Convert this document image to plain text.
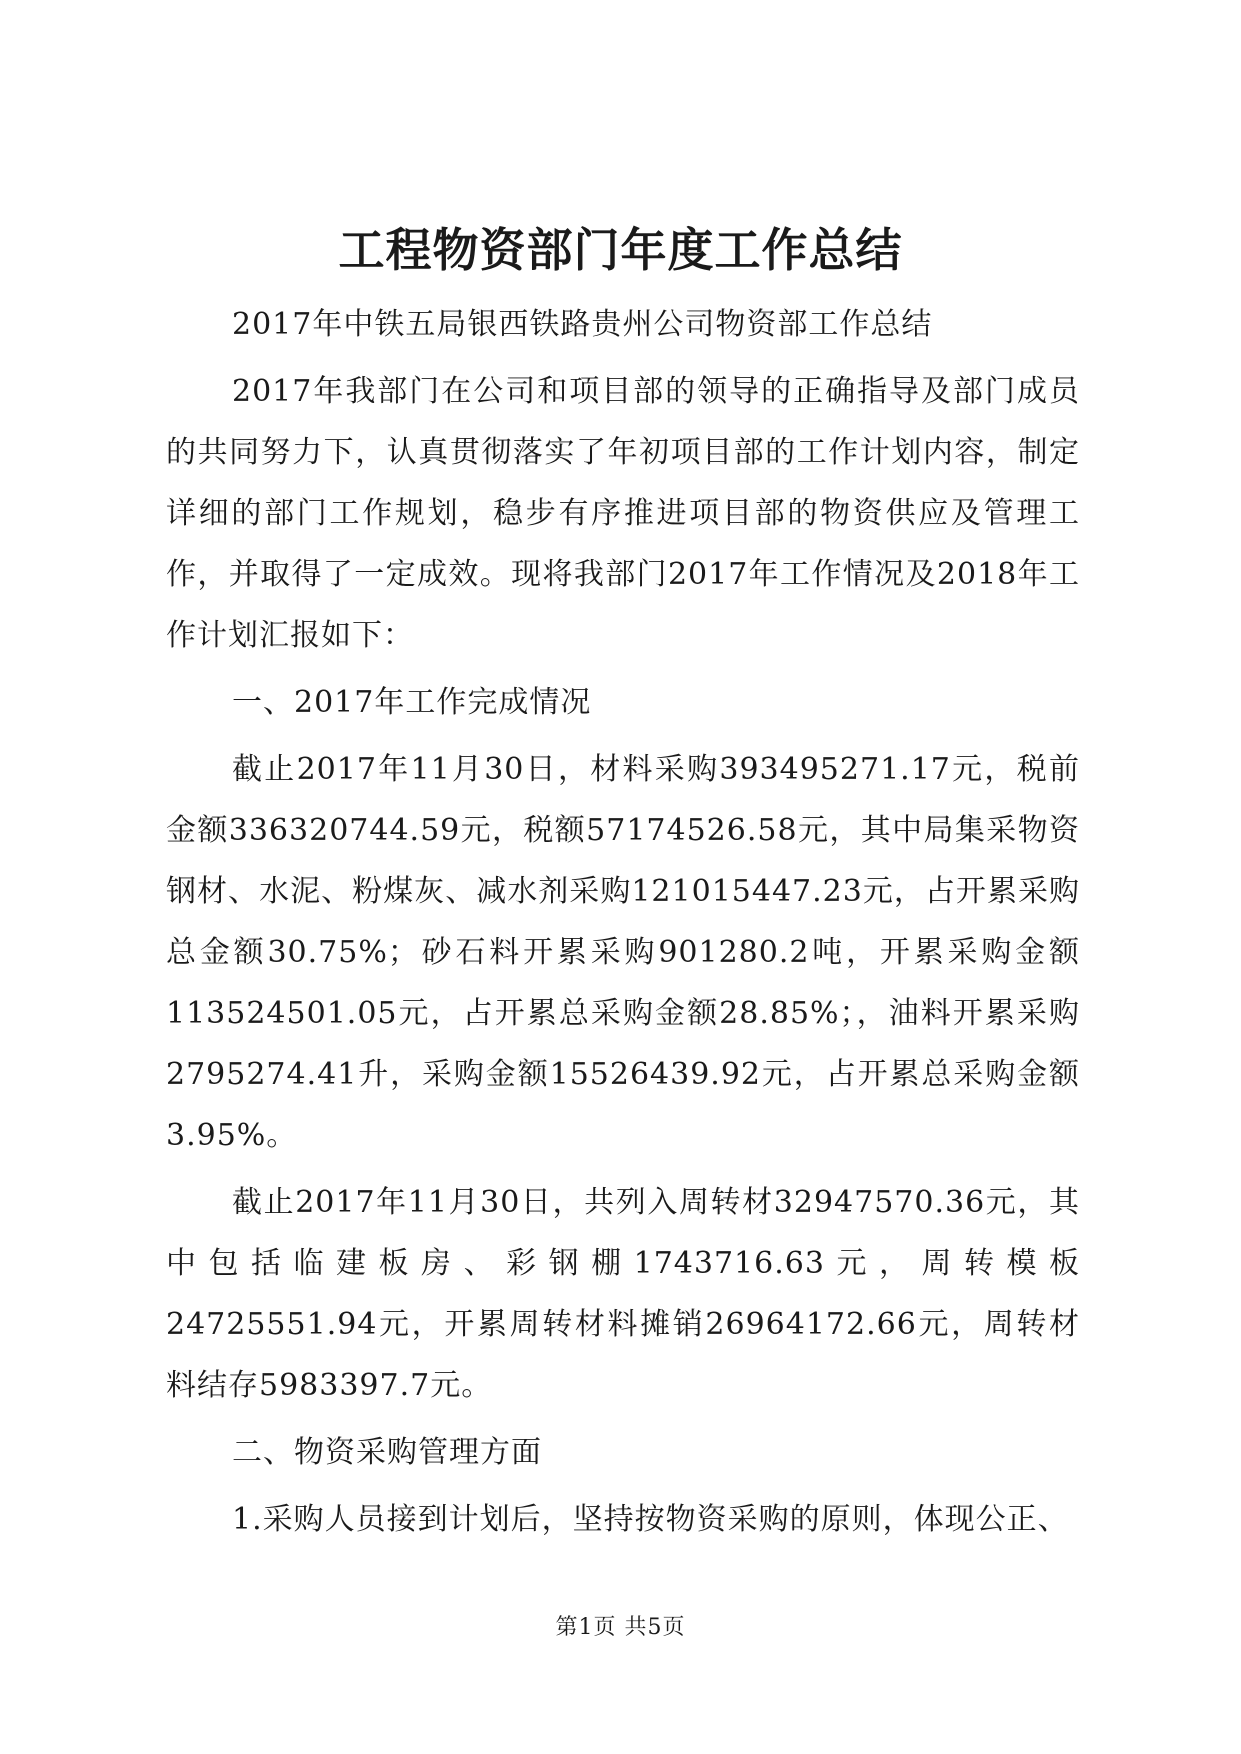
工程物资部门年度工作总结

2017年中铁五局银西铁路贵州公司物资部工作总结

2017年我部门在公司和项目部的领导的正确指导及部门成员的共同努力下，认真贯彻落实了年初项目部的工作计划内容，制定详细的部门工作规划，稳步有序推进项目部的物资供应及管理工作，并取得了一定成效。现将我部门2017年工作情况及2018年工作计划汇报如下：

一、2017年工作完成情况

截止2017年11月30日，材料采购393495271.17元，税前金额336320744.59元，税额57174526.58元，其中局集采物资钢材、水泥、粉煤灰、减水剂采购121015447.23元，占开累采购总金额30.75%；砂石料开累采购901280.2吨，开累采购金额113524501.05元，占开累总采购金额28.85%；，油料开累采购2795274.41升，采购金额15526439.92元，占开累总采购金额3.95%。

截止2017年11月30日，共列入周转材32947570.36元，其中包括临建板房、彩钢棚1743716.63元，周转模板24725551.94元，开累周转材料摊销26964172.66元，周转材料结存5983397.7元。

二、物资采购管理方面

1.采购人员接到计划后，坚持按物资采购的原则，体现公正、

第1页 共5页
